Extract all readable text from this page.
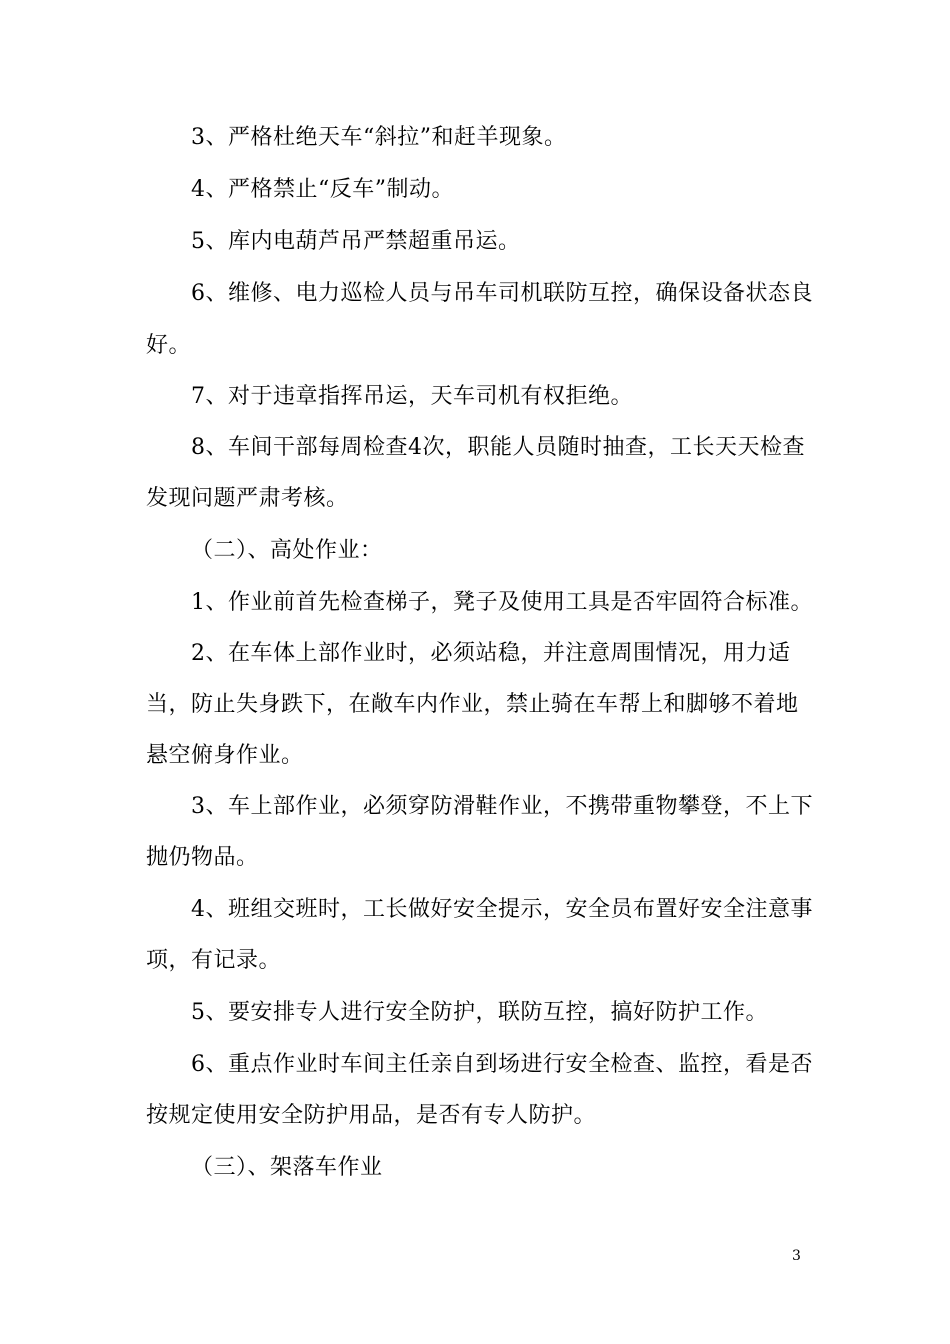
3、严格杜绝天车“斜拉”和赶羊现象。
4、严格禁止“反车”制动。
5、库内电葫芦吊严禁超重吊运。
6、维修、电力巡检人员与吊车司机联防互控，确保设备状态良
好。
7、对于违章指挥吊运，天车司机有权拒绝。
8、车间干部每周检查4次，职能人员随时抽查，工长天天检查
发现问题严肃考核。
（二）、高处作业：
1、作业前首先检查梯子，凳子及使用工具是否牢固符合标准。
2、在车体上部作业时，必须站稳，并注意周围情况，用力适
当，防止失身跌下，在敞车内作业，禁止骑在车帮上和脚够不着地
悬空俯身作业。
3、车上部作业，必须穿防滑鞋作业，不携带重物攀登，不上下
抛仍物品。
4、班组交班时，工长做好安全提示，安全员布置好安全注意事
项，有记录。
5、要安排专人进行安全防护，联防互控，搞好防护工作。
6、重点作业时车间主任亲自到场进行安全检查、监控，看是否
按规定使用安全防护用品，是否有专人防护。
（三）、架落车作业
3
